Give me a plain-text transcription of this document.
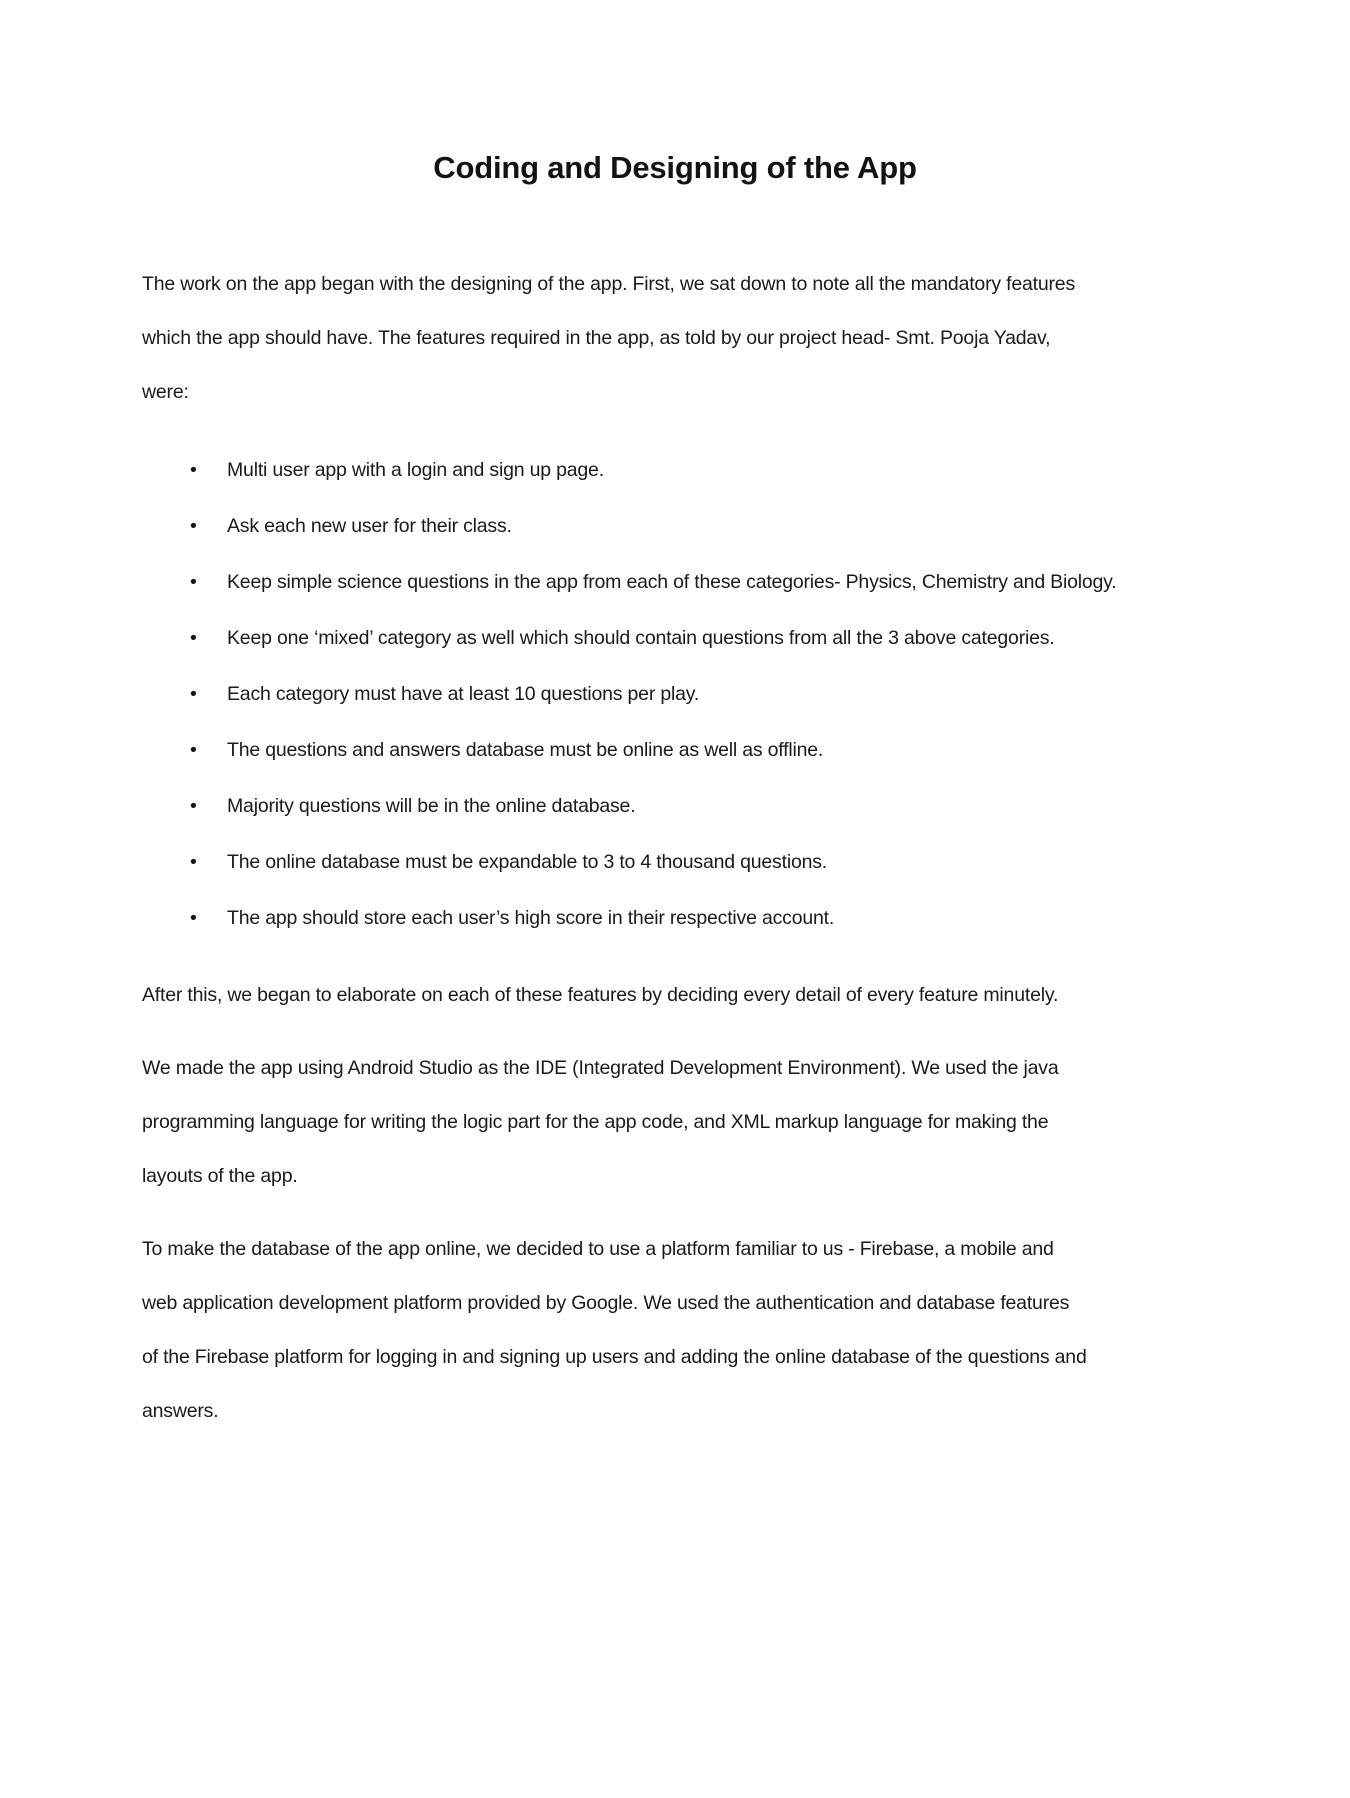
Coding and Designing of the App
The work on the app began with the designing of the app. First, we sat down to note all the mandatory features
which the app should have. The features required in the app, as told by our project head- Smt. Pooja Yadav,
were:
• Multi user app with a login and sign up page.
• Ask each new user for their class.
• Keep simple science questions in the app from each of these categories- Physics, Chemistry and Biology.
• Keep one ‘mixed’ category as well which should contain questions from all the 3 above categories.
• Each category must have at least 10 questions per play.
• The questions and answers database must be online as well as offline.
• Majority questions will be in the online database.
• The online database must be expandable to 3 to 4 thousand questions.
• The app should store each user’s high score in their respective account.
After this, we began to elaborate on each of these features by deciding every detail of every feature minutely.
We made the app using Android Studio as the IDE (Integrated Development Environment). We used the java
programming language for writing the logic part for the app code, and XML markup language for making the
layouts of the app.
To make the database of the app online, we decided to use a platform familiar to us - Firebase, a mobile and
web application development platform provided by Google. We used the authentication and database features
of the Firebase platform for logging in and signing up users and adding the online database of the questions and
answers.
